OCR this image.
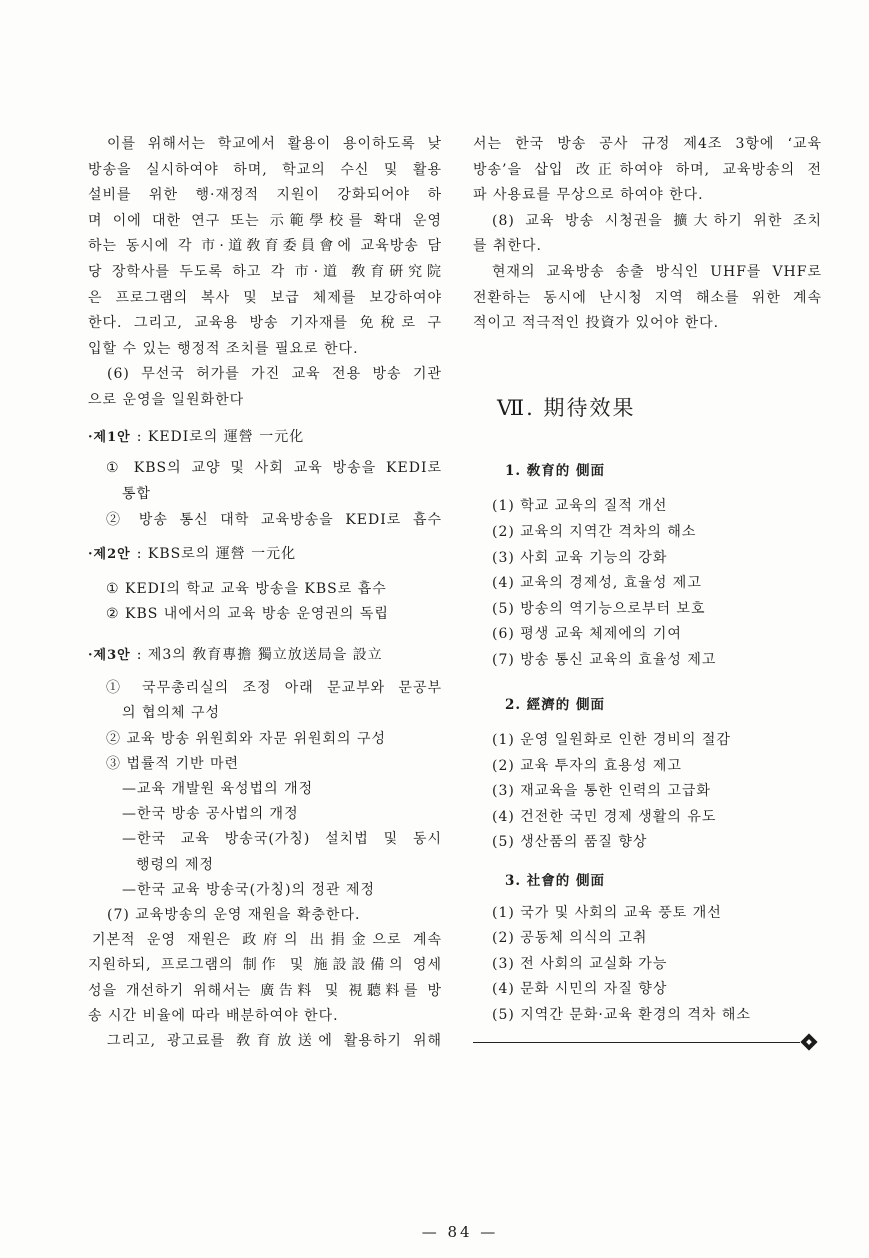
이를 위해서는 학교에서 활용이 용이하도록 낮
방송을 실시하여야 하며, 학교의 수신 및 활용
설비를 위한 행·재정적 지원이 강화되어야 하
며 이에 대한 연구 또는 示範學校를 확대 운영
하는 동시에 각 市·道敎育委員會에 교육방송 담
당 장학사를 두도록 하고 각 市·道 敎育硏究院
은 프로그램의 복사 및 보급 체제를 보강하여야
한다. 그리고, 교육용 방송 기자재를 免稅로 구
입할 수 있는 행정적 조치를 필요로 한다.
(6) 무선국 허가를 가진 교육 전용 방송 기관
으로 운영을 일원화한다
·제1안 : KEDI로의 運營 一元化
① KBS의 교양 및 사회 교육 방송을 KEDI로
통합
② 방송 통신 대학 교육방송을 KEDI로 흡수
·제2안 : KBS로의 運營 一元化
① KEDI의 학교 교육 방송을 KBS로 흡수
② KBS 내에서의 교육 방송 운영권의 독립
·제3안 : 제3의 敎育專擔 獨立放送局을 設立
① 국무총리실의 조정 아래 문교부와 문공부
의 협의체 구성
② 교육 방송 위원회와 자문 위원회의 구성
③ 법률적 기반 마련
—교육 개발원 육성법의 개정
—한국 방송 공사법의 개정
—한국 교육 방송국(가칭) 설치법 및 동시
행령의 제정
—한국 교육 방송국(가칭)의 정관 제정
(7) 교육방송의 운영 재원을 확충한다.
기본적 운영 재원은 政府의 出捐金으로 계속
지원하되, 프로그램의 制作 및 施設設備의 영세
성을 개선하기 위해서는 廣告料 및 視聽料를 방
송 시간 비율에 따라 배분하여야 한다.
그리고, 광고료를 敎育放送에 활용하기 위해
서는 한국 방송 공사 규정 제4조 3항에 ‘교육
방송’을 삽입 改正하여야 하며, 교육방송의 전
파 사용료를 무상으로 하여야 한다.
(8) 교육 방송 시청권을 擴大하기 위한 조치
를 취한다.
현재의 교육방송 송출 방식인 UHF를 VHF로
전환하는 동시에 난시청 지역 해소를 위한 계속
적이고 적극적인 投資가 있어야 한다.
Ⅶ. 期待效果
1. 敎育的 側面
(1) 학교 교육의 질적 개선
(2) 교육의 지역간 격차의 해소
(3) 사회 교육 기능의 강화
(4) 교육의 경제성, 효율성 제고
(5) 방송의 역기능으로부터 보호
(6) 평생 교육 체제에의 기여
(7) 방송 통신 교육의 효율성 제고
2. 經濟的 側面
(1) 운영 일원화로 인한 경비의 절감
(2) 교육 투자의 효용성 제고
(3) 재교육을 통한 인력의 고급화
(4) 건전한 국민 경제 생활의 유도
(5) 생산품의 품질 향상
3. 社會的 側面
(1) 국가 및 사회의 교육 풍토 개선
(2) 공동체 의식의 고취
(3) 전 사회의 교실화 가능
(4) 문화 시민의 자질 향상
(5) 지역간 문화·교육 환경의 격차 해소
— 84 —
